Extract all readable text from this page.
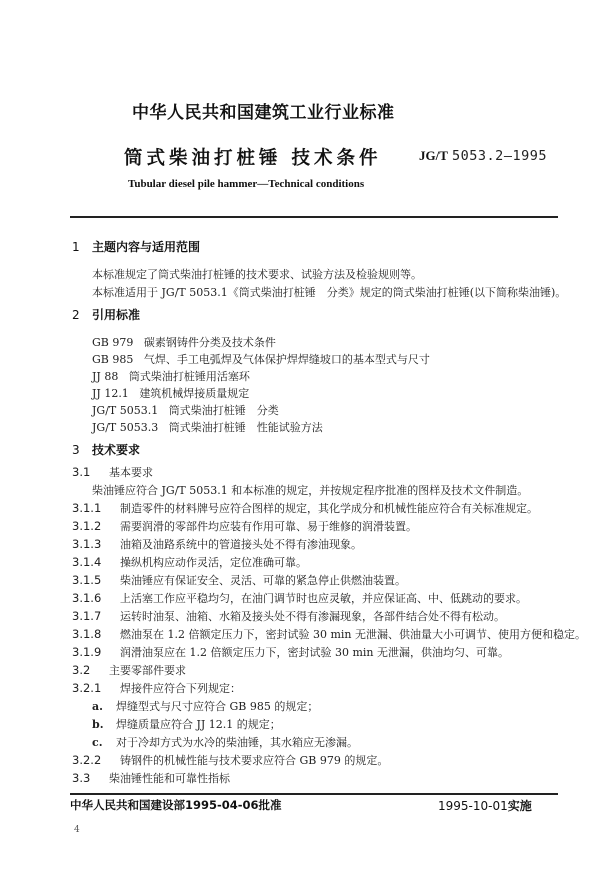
中华人民共和国建筑工业行业标准
筒式柴油打桩锤 技术条件	JG/T 5053.2—1995
Tubular diesel pile hammer—Technical conditions
1 主题内容与适用范围
本标准规定了筒式柴油打桩锤的技术要求、试验方法及检验规则等。
本标准适用于 JG/T 5053.1《筒式柴油打桩锤　分类》规定的筒式柴油打桩锤(以下简称柴油锤)。
2 引用标准
GB 979 碳素钢铸件分类及技术条件
GB 985 气焊、手工电弧焊及气体保护焊焊缝坡口的基本型式与尺寸
JJ 88 筒式柴油打桩锤用活塞环
JJ 12.1 建筑机械焊接质量规定
JG/T 5053.1 筒式柴油打桩锤　分类
JG/T 5053.3 筒式柴油打桩锤　性能试验方法
3 技术要求
3.1 基本要求
柴油锤应符合 JG/T 5053.1 和本标准的规定，并按规定程序批准的图样及技术文件制造。
3.1.1 制造零件的材料牌号应符合图样的规定，其化学成分和机械性能应符合有关标准规定。
3.1.2 需要润滑的零部件均应装有作用可靠、易于维修的润滑装置。
3.1.3 油箱及油路系统中的管道接头处不得有渗油现象。
3.1.4 操纵机构应动作灵活，定位准确可靠。
3.1.5 柴油锤应有保证安全、灵活、可靠的紧急停止供燃油装置。
3.1.6 上活塞工作应平稳均匀，在油门调节时也应灵敏，并应保证高、中、低跳动的要求。
3.1.7 运转时油泵、油箱、水箱及接头处不得有渗漏现象，各部件结合处不得有松动。
3.1.8 燃油泵在 1.2 倍额定压力下，密封试验 30 min 无泄漏、供油量大小可调节、使用方便和稳定。
3.1.9 润滑油泵应在 1.2 倍额定压力下，密封试验 30 min 无泄漏，供油均匀、可靠。
3.2 主要零部件要求
3.2.1 焊接件应符合下列规定：
a. 焊缝型式与尺寸应符合 GB 985 的规定；
b. 焊缝质量应符合 JJ 12.1 的规定；
c. 对于冷却方式为水冷的柴油锤，其水箱应无渗漏。
3.2.2 铸钢件的机械性能与技术要求应符合 GB 979 的规定。
3.3 柴油锤性能和可靠性指标
中华人民共和国建设部1995-04-06批准	1995-10-01实施
4
